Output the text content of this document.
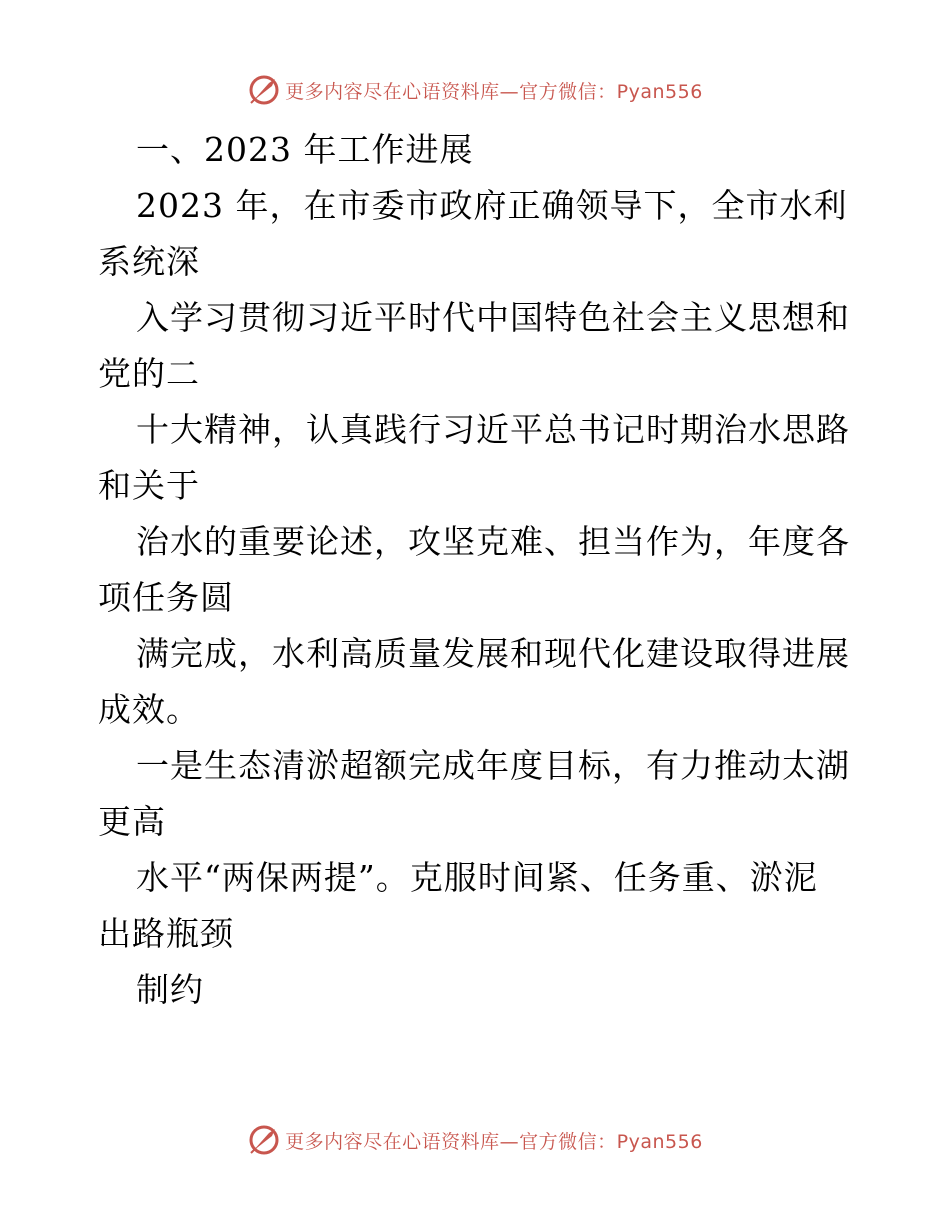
更多内容尽在心语资料库—官方微信：Pyan556
一、2023 年工作进展
2023 年，在市委市政府正确领导下，全市水利
系统深
入学习贯彻习近平时代中国特色社会主义思想和
党的二
十大精神，认真践行习近平总书记时期治水思路
和关于
治水的重要论述，攻坚克难、担当作为，年度各
项任务圆
满完成，水利高质量发展和现代化建设取得进展
成效。
一是生态清淤超额完成年度目标，有力推动太湖
更高
水平“两保两提”。克服时间紧、任务重、淤泥
出路瓶颈
制约
更多内容尽在心语资料库—官方微信：Pyan556
